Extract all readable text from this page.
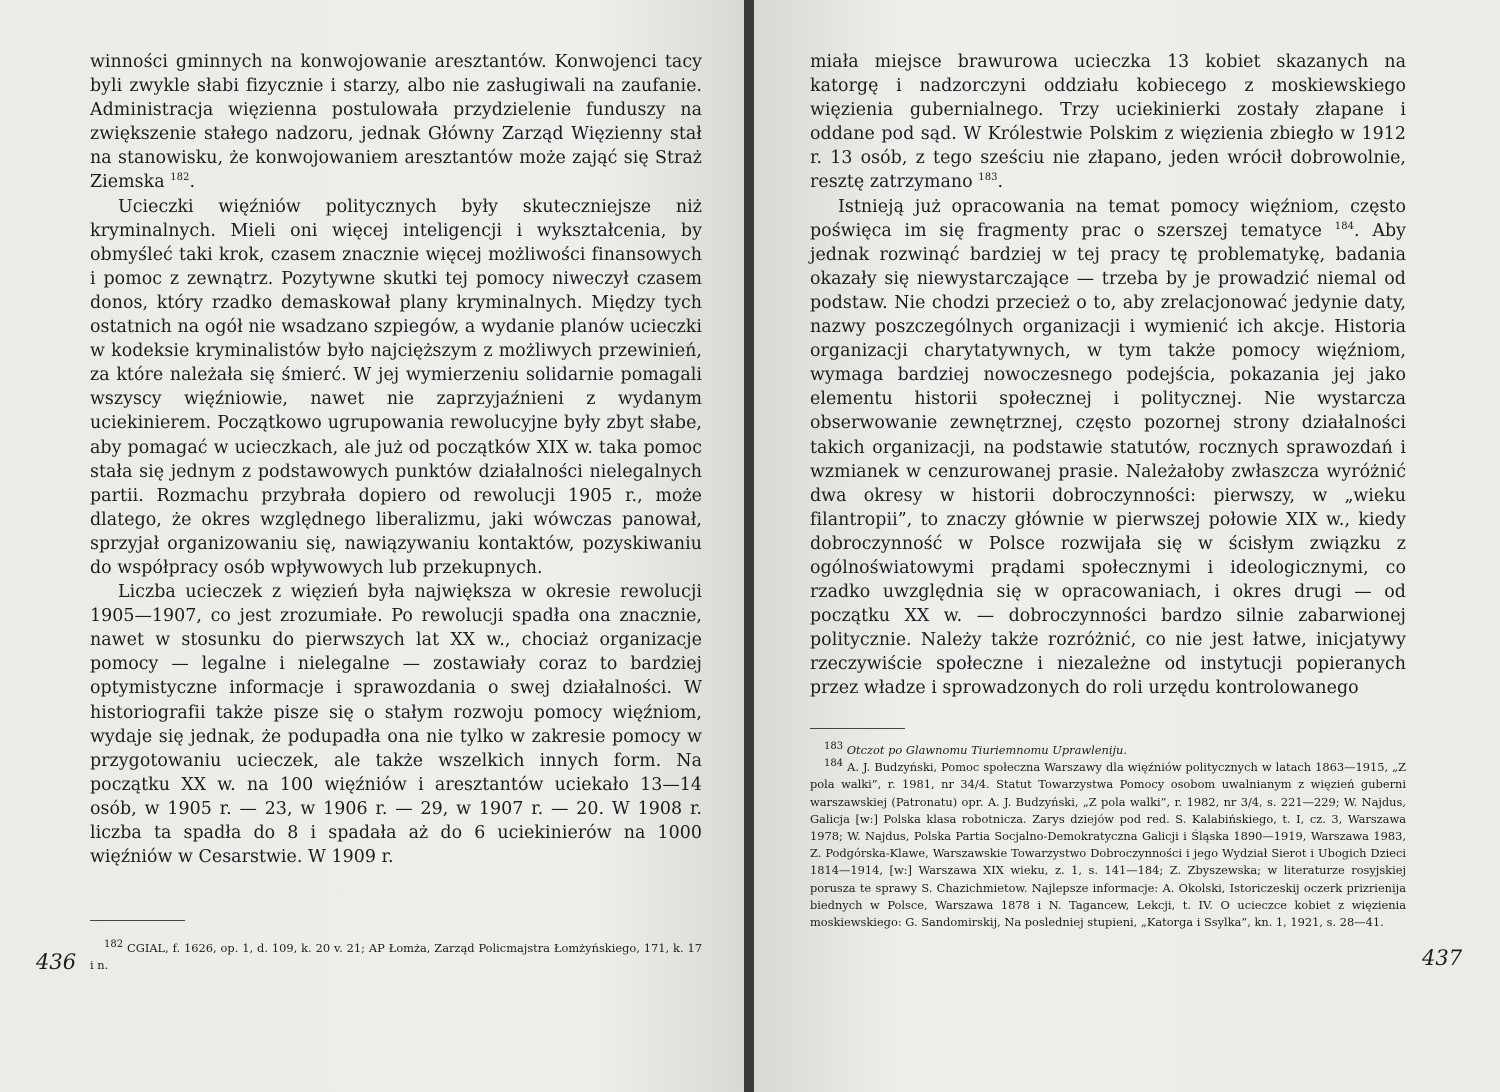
winności gminnych na konwojowanie aresztantów. Konwojenci tacy byli zwykle słabi fizycznie i starzy, albo nie zasługiwali na zaufanie. Administracja więzienna postulowała przydzielenie funduszy na zwiększenie stałego nadzoru, jednak Główny Zarząd Więzienny stał na stanowisku, że konwojowaniem aresztantów może zająć się Straż Ziemska $^{182}$.

Ucieczki więźniów politycznych były skuteczniejsze niż kryminalnych. Mieli oni więcej inteligencji i wykształcenia, by obmyśleć taki krok, czasem znacznie więcej możliwości finansowych i pomoc z zewnątrz. Pozytywne skutki tej pomocy niweczył czasem donos, który rzadko demaskował plany kryminalnych. Między tych ostatnich na ogół nie wsadzano szpiegów, a wydanie planów ucieczki w kodeksie kryminalistów było najcięższym z możliwych przewinień, za które należała się śmierć. W jej wymierzeniu solidarnie pomagali wszyscy więźniowie, nawet nie zaprzyjaźnieni z wydanym uciekinierem. Początkowo ugrupowania rewolucyjne były zbyt słabe, aby pomagać w ucieczkach, ale już od początków XIX w. taka pomoc stała się jednym z podstawowych punktów działalności nielegalnych partii. Rozmachu przybrała dopiero od rewolucji 1905 r., może dlatego, że okres względnego liberalizmu, jaki wówczas panował, sprzyjał organizowaniu się, nawiązywaniu kontaktów, pozyskiwaniu do współpracy osób wpływowych lub przekupnych.

Liczba ucieczek z więzień była największa w okresie rewolucji 1905—1907, co jest zrozumiałe. Po rewolucji spadła ona znacznie, nawet w stosunku do pierwszych lat XX w., chociaż organizacje pomocy — legalne i nielegalne — zostawiały coraz to bardziej optymistyczne informacje i sprawozdania o swej działalności. W historiografii także pisze się o stałym rozwoju pomocy więźniom, wydaje się jednak, że podupadła ona nie tylko w zakresie pomocy w przygotowaniu ucieczek, ale także wszelkich innych form. Na początku XX w. na 100 więźniów i aresztantów uciekało 13—14 osób, w 1905 r. — 23, w 1906 r. — 29, w 1907 r. — 20. W 1908 r. liczba ta spadła do 8 i spadała aż do 6 uciekinierów na 1000 więźniów w Cesarstwie. W 1909 r.

$^{182}$ CGIAL, f. 1626, op. 1, d. 109, k. 20 v. 21; AP Łomża, Zarząd Policmajstra Łomżyńskiego, 171, k. 17 i n.

436

miała miejsce brawurowa ucieczka 13 kobiet skazanych na katorgę i nadzorczyni oddziału kobiecego z moskiewskiego więzienia gubernialnego. Trzy uciekinierki zostały złapane i oddane pod sąd. W Królestwie Polskim z więzienia zbiegło w 1912 r. 13 osób, z tego sześciu nie złapano, jeden wrócił dobrowolnie, resztę zatrzymano $^{183}$.

Istnieją już opracowania na temat pomocy więźniom, często poświęca im się fragmenty prac o szerszej tematyce $^{184}$. Aby jednak rozwinąć bardziej w tej pracy tę problematykę, badania okazały się niewystarczające — trzeba by je prowadzić niemal od podstaw. Nie chodzi przecież o to, aby zrelacjonować jedynie daty, nazwy poszczególnych organizacji i wymienić ich akcje. Historia organizacji charytatywnych, w tym także pomocy więźniom, wymaga bardziej nowoczesnego podejścia, pokazania jej jako elementu historii społecznej i politycznej. Nie wystarcza obserwowanie zewnętrznej, często pozornej strony działalności takich organizacji, na podstawie statutów, rocznych sprawozdań i wzmianek w cenzurowanej prasie. Należałoby zwłaszcza wyróżnić dwa okresy w historii dobroczynności: pierwszy, w „wieku filantropii”, to znaczy głównie w pierwszej połowie XIX w., kiedy dobroczynność w Polsce rozwijała się w ścisłym związku z ogólnoświatowymi prądami społecznymi i ideologicznymi, co rzadko uwzględnia się w opracowaniach, i okres drugi — od początku XX w. — dobroczynności bardzo silnie zabarwionej politycznie. Należy także rozróżnić, co nie jest łatwe, inicjatywy rzeczywiście społeczne i niezależne od instytucji popieranych przez władze i sprowadzonych do roli urzędu kontrolowanego

$^{183}$ Otczot po Glawnomu Tiuriemnomu Uprawleniju.

$^{184}$ A. J. Budzyński, Pomoc społeczna Warszawy dla więźniów politycznych w latach 1863—1915, „Z pola walki”, r. 1981, nr 34/4. Statut Towarzystwa Pomocy osobom uwalnianym z więzień guberni warszawskiej (Patronatu) opr. A. J. Budzyński, „Z pola walki”, r. 1982, nr 3/4, s. 221—229; W. Najdus, Galicja [w:] Polska klasa robotnicza. Zarys dziejów pod red. S. Kalabińskiego, t. I, cz. 3, Warszawa 1978; W. Najdus, Polska Partia Socjalno-Demokratyczna Galicji i Śląska 1890—1919, Warszawa 1983, Z. Podgórska-Klawe, Warszawskie Towarzystwo Dobroczynności i jego Wydział Sierot i Ubogich Dzieci 1814—1914, [w:] Warszawa XIX wieku, z. 1, s. 141—184; Z. Zbyszewska; w literaturze rosyjskiej porusza te sprawy S. Chazichmietow. Najlepsze informacje: A. Okolski, Istoriczeskij oczerk prizrienija biednych w Polsce, Warszawa 1878 i N. Tagancew, Lekcji, t. IV. O ucieczce kobiet z więzienia moskiewskiego: G. Sandomirskij, Na posledniej stupieni, „Katorga i Ssylka”, kn. 1, 1921, s. 28—41.

437
